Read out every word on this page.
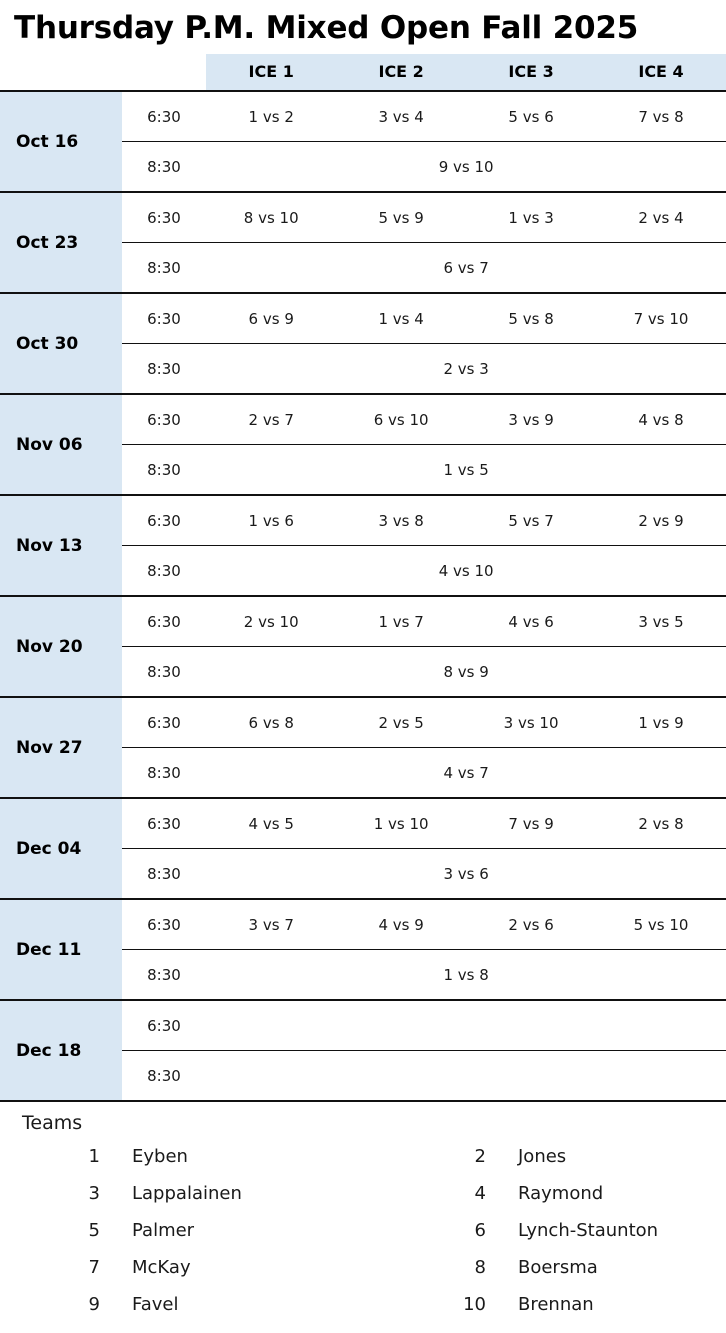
Thursday P.M. Mixed Open Fall 2025
		ICE 1	ICE 2	ICE 3	ICE 4
Oct 16	6:30	1 vs 2	3 vs 4	5 vs 6	7 vs 8
	8:30	9 vs 10			
Oct 23	6:30	8 vs 10	5 vs 9	1 vs 3	2 vs 4
	8:30	6 vs 7			
Oct 30	6:30	6 vs 9	1 vs 4	5 vs 8	7 vs 10
	8:30	2 vs 3			
Nov 06	6:30	2 vs 7	6 vs 10	3 vs 9	4 vs 8
	8:30	1 vs 5			
Nov 13	6:30	1 vs 6	3 vs 8	5 vs 7	2 vs 9
	8:30	4 vs 10			
Nov 20	6:30	2 vs 10	1 vs 7	4 vs 6	3 vs 5
	8:30	8 vs 9			
Nov 27	6:30	6 vs 8	2 vs 5	3 vs 10	1 vs 9
	8:30	4 vs 7			
Dec 04	6:30	4 vs 5	1 vs 10	7 vs 9	2 vs 8
	8:30	3 vs 6			
Dec 11	6:30	3 vs 7	4 vs 9	2 vs 6	5 vs 10
	8:30	1 vs 8			
Dec 18	6:30				
	8:30				
Teams
1	Eyben	2	Jones
3	Lappalainen	4	Raymond
5	Palmer	6	Lynch-Staunton
7	McKay	8	Boersma
9	Favel	10	Brennan
